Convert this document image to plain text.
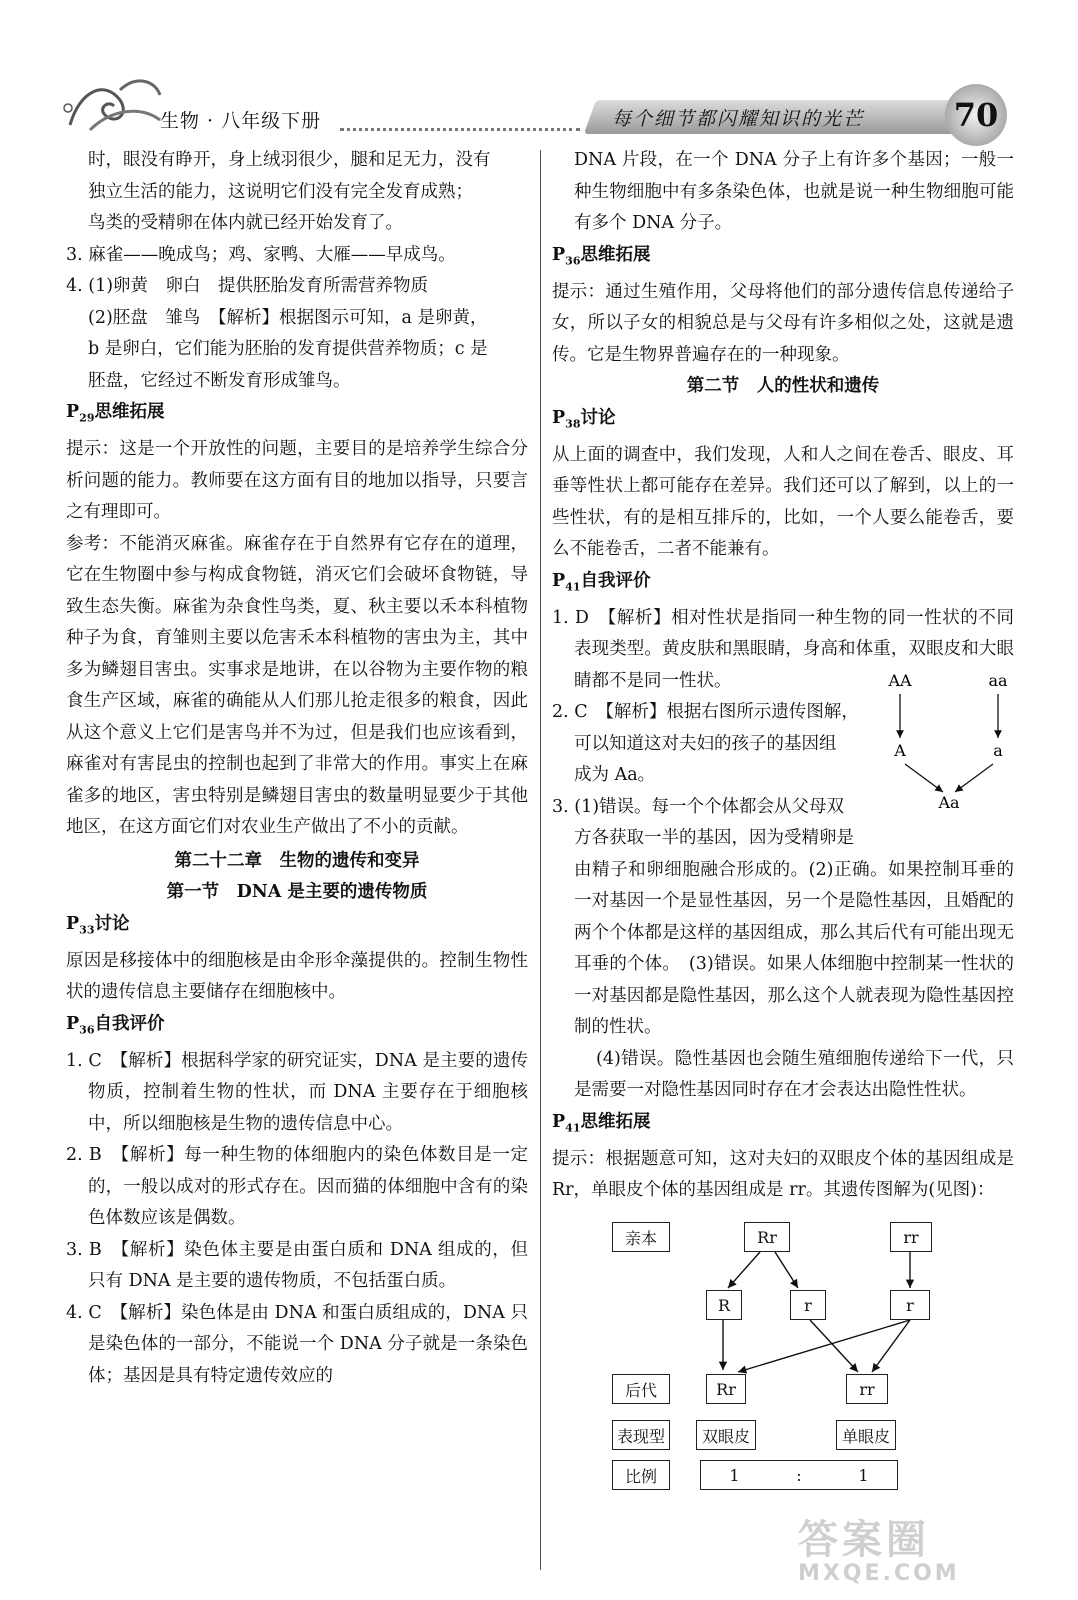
生物 · 八年级下册	每个细节都闪耀知识的光芒	70

时，眼没有睁开，身上绒羽很少，腿和足无力，没有

独立生活的能力，这说明它们没有完全发育成熟；

鸟类的受精卵在体内就已经开始发育了。

3. 麻雀——晚成鸟；鸡、家鸭、大雁——早成鸟。

4. (1)卵黄　卵白　提供胚胎发育所需营养物质

(2)胚盘　雏鸟　【解析】根据图示可知，a 是卵黄，

b 是卵白，它们能为胚胎的发育提供营养物质；c 是

胚盘，它经过不断发育形成雏鸟。

$P_{29}$思维拓展

提示：这是一个开放性的问题，主要目的是培养学生综合分析问题的能力。教师要在这方面有目的地加以指导，只要言之有理即可。

参考：不能消灭麻雀。麻雀存在于自然界有它存在的道理，它在生物圈中参与构成食物链，消灭它们会破坏食物链，导致生态失衡。麻雀为杂食性鸟类，夏、秋主要以禾本科植物种子为食，育雏则主要以危害禾本科植物的害虫为主，其中多为鳞翅目害虫。实事求是地讲，在以谷物为主要作物的粮食生产区域，麻雀的确能从人们那儿抢走很多的粮食，因此从这个意义上它们是害鸟并不为过，但是我们也应该看到，麻雀对有害昆虫的控制也起到了非常大的作用。事实上在麻雀多的地区，害虫特别是鳞翅目害虫的数量明显要少于其他地区，在这方面它们对农业生产做出了不小的贡献。

第二十二章　生物的遗传和变异

第一节　DNA 是主要的遗传物质

$P_{33}$讨论

原因是移接体中的细胞核是由伞形伞藻提供的。控制生物性状的遗传信息主要储存在细胞核中。

$P_{36}$自我评价

1. C　【解析】根据科学家的研究证实，DNA 是主要的遗传物质，控制着生物的性状，而 DNA 主要存在于细胞核中，所以细胞核是生物的遗传信息中心。

2. B　【解析】每一种生物的体细胞内的染色体数目是一定的，一般以成对的形式存在。因而猫的体细胞中含有的染色体数应该是偶数。

3. B　【解析】染色体主要是由蛋白质和 DNA 组成的，但只有 DNA 是主要的遗传物质，不包括蛋白质。

4. C　【解析】染色体是由 DNA 和蛋白质组成的，DNA 只是染色体的一部分，不能说一个 DNA 分子就是一条染色体；基因是具有特定遗传效应的

DNA 片段，在一个 DNA 分子上有许多个基因；一般一种生物细胞中有多条染色体，也就是说一种生物细胞可能有多个 DNA 分子。

$P_{36}$思维拓展

提示：通过生殖作用，父母将他们的部分遗传信息传递给子女，所以子女的相貌总是与父母有许多相似之处，这就是遗传。它是生物界普遍存在的一种现象。

第二节　人的性状和遗传

$P_{38}$讨论

从上面的调查中，我们发现，人和人之间在卷舌、眼皮、耳垂等性状上都可能存在差异。我们还可以了解到，以上的一些性状，有的是相互排斥的，比如，一个人要么能卷舌，要么不能卷舌，二者不能兼有。

$P_{41}$自我评价

1. D　【解析】相对性状是指同一种生物的同一性状的不同表现类型。黄皮肤和黑眼睛，身高和体重，双眼皮和大眼睛都不是同一性状。

2. C　【解析】根据右图所示遗传图解，

可以知道这对夫妇的孩子的基因组

成为 Aa。

3. (1)错误。每一个个体都会从父母双

方各获取一半的基因，因为受精卵是

由精子和卵细胞融合形成的。(2)正确。如果控制耳垂的一对基因一个是显性基因，另一个是隐性基因，且婚配的两个个体都是这样的基因组成，那么其后代有可能出现无耳垂的个体。　(3)错误。如果人体细胞中控制某一性状的一对基因都是隐性基因，那么这个人就表现为隐性基因控制的性状。

(4)错误。隐性基因也会随生殖细胞传递给下一代，只是需要一对隐性基因同时存在才会表达出隐性性状。

$P_{41}$思维拓展

提示：根据题意可知，这对夫妇的双眼皮个体的基因组成是 Rr，单眼皮个体的基因组成是 rr。其遗传图解为(见图)：

AA	aa
A	a
Aa
亲本	Rr	rr
R	r	r
后代	Rr	rr
表现型	双眼皮	单眼皮
比例	1	:	1
答案圈
MXQE.COM
